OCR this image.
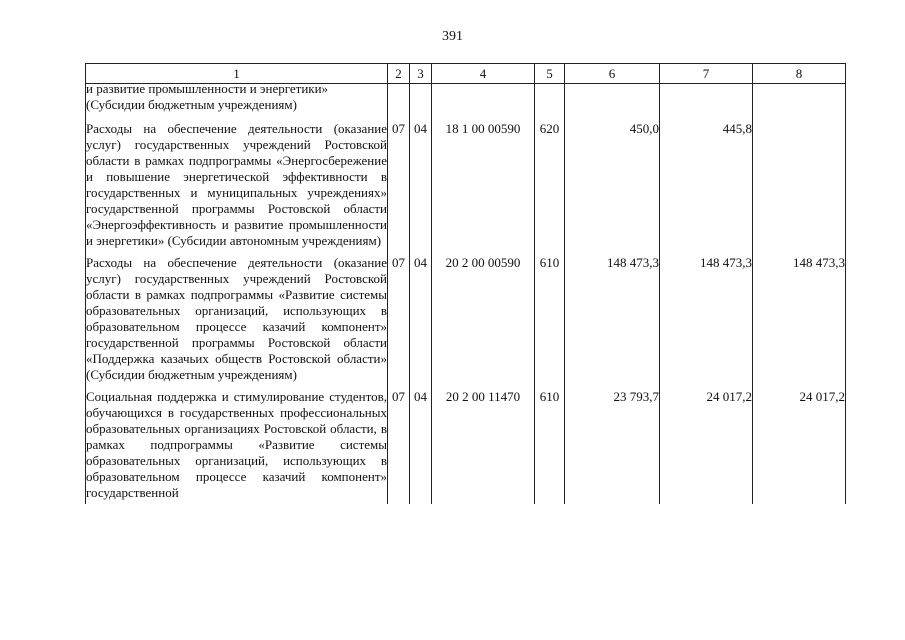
391
1	2	3	4	5	6	7	8

и развитие промышленности и энергетики»
(Субсидии бюджетным учреждениям)							

Расходы на обеспечение деятельности (оказание услуг) государственных учреждений Ростовской области в рамках подпрограммы «Энергосбережение и повышение энергетической эффективности в государственных и муниципальных учреждениях» государственной программы Ростовской области «Энергоэффективность и развитие промышленности и энергетики» (Субсидии автономным учреждениям)	07	04	18 1 00 00590	620	450,0	445,8	
Расходы на обеспечение деятельности (оказание услуг) государственных учреждений Ростовской области в рамках подпрограммы «Развитие системы образовательных организаций, использующих в образовательном процессе казачий компонент» государственной программы Ростовской области «Поддержка казачьих обществ Ростовской области» (Субсидии бюджетным учреждениям)	07	04	20 2 00 00590	610	148 473,3	148 473,3	148 473,3
Социальная поддержка и стимулирование студентов, обучающихся в государственных профессиональных образовательных организациях Ростовской области, в рамках подпрограммы «Развитие системы образовательных организаций, использующих в образовательном процессе казачий компонент» государственной	07	04	20 2 00 11470	610	23 793,7	24 017,2	24 017,2
